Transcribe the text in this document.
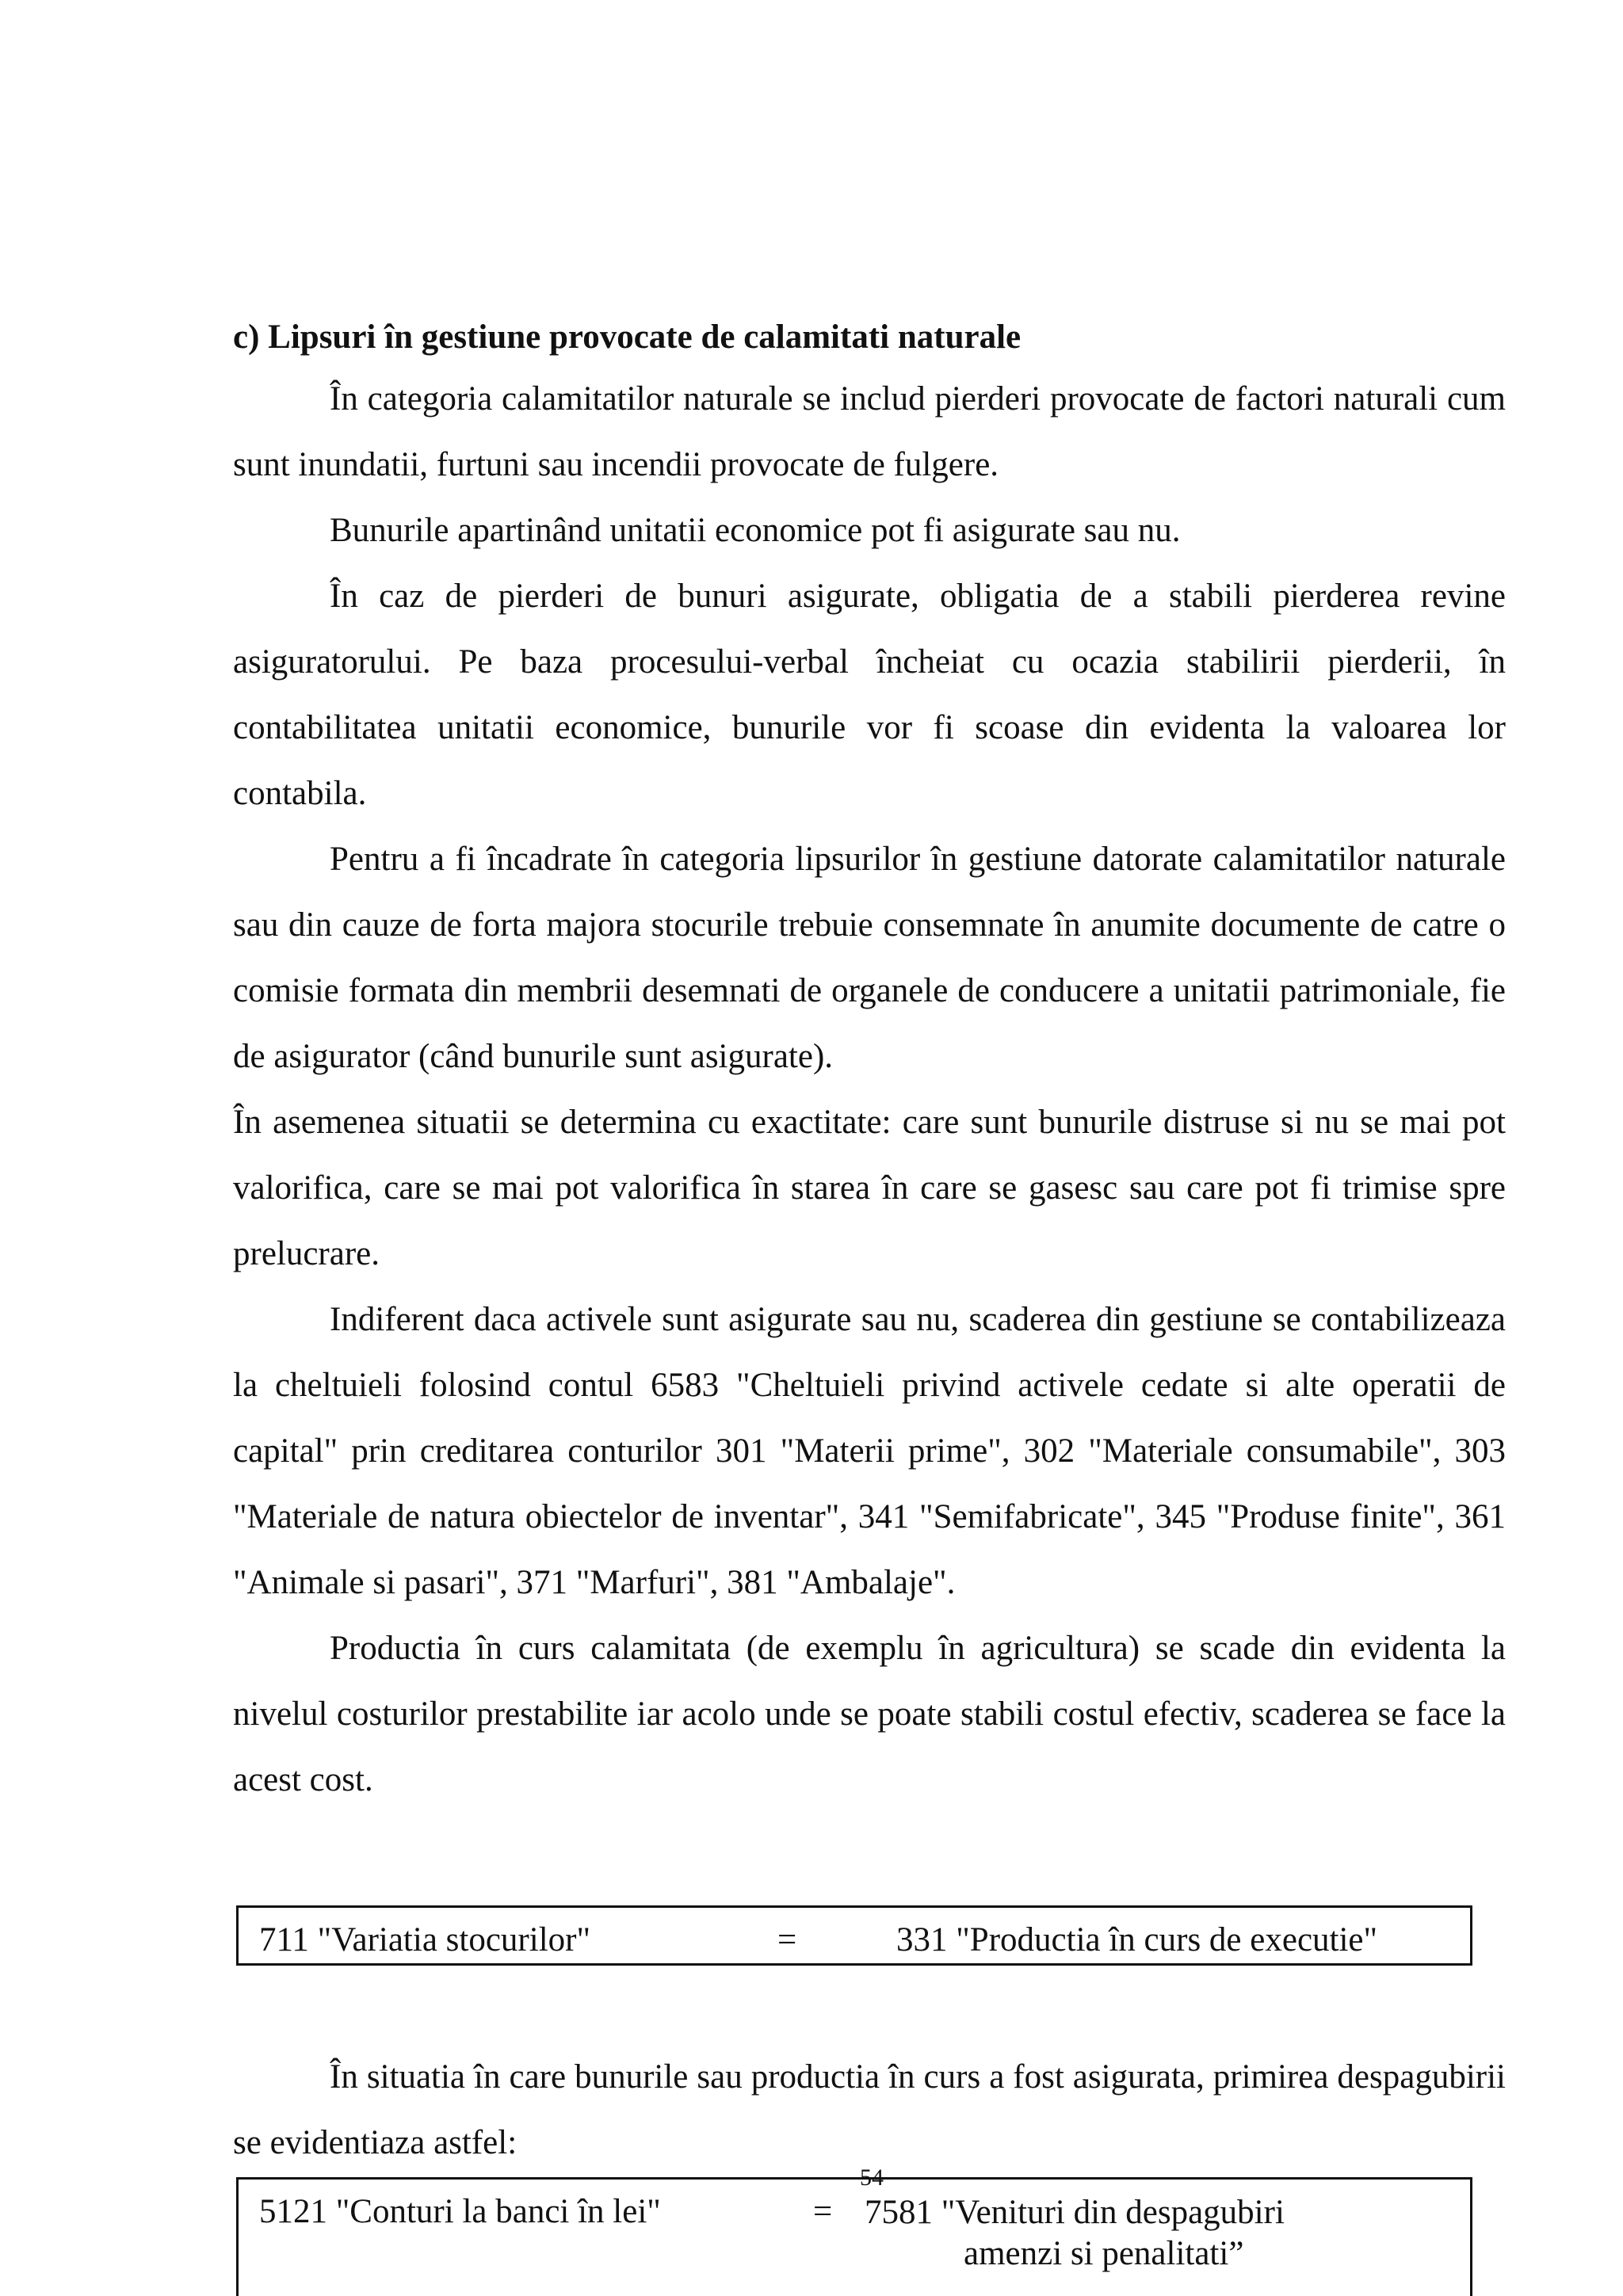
c) Lipsuri în gestiune provocate de calamitati naturale

În categoria calamitatilor naturale se includ pierderi provocate de factori naturali cum sunt inundatii, furtuni sau incendii provocate de fulgere.

Bunurile apartinând unitatii economice pot fi asigurate sau nu.

În caz de pierderi de bunuri asigurate, obligatia de a stabili pierderea revine asiguratorului. Pe baza procesului-verbal încheiat cu ocazia stabilirii pierderii, în contabilitatea unitatii economice, bunurile vor fi scoase din evidenta la valoarea lor contabila.

Pentru a fi încadrate în categoria lipsurilor în gestiune datorate calamitatilor naturale sau din cauze de forta majora stocurile trebuie consemnate în anumite documente de catre o comisie formata din membrii desemnati de organele de conducere a unitatii patrimoniale, fie de asigurator (când bunurile sunt asigurate).

În asemenea situatii se determina cu exactitate: care sunt bunurile distruse si nu se mai pot valorifica, care se mai pot valorifica în starea în care se gasesc sau care pot fi trimise spre prelucrare.

Indiferent daca activele sunt asigurate sau nu, scaderea din gestiune se contabilizeaza la cheltuieli folosind contul 6583 "Cheltuieli privind activele cedate si alte operatii de capital" prin creditarea conturilor 301 "Materii prime", 302 "Materiale consumabile", 303 "Materiale de natura obiectelor de inventar", 341 "Semifabricate", 345 "Produse finite", 361 "Animale si pasari", 371 "Marfuri", 381 "Ambalaje".

Productia în curs calamitata (de exemplu în agricultura) se scade din evidenta la nivelul costurilor prestabilite iar acolo unde se poate stabili costul efectiv, scaderea se face la acest cost.

711 "Variatia stocurilor"	=	331 "Productia în curs de executie"

În situatia în care bunurile sau productia în curs a fost asigurata, primirea despagubirii se evidentiaza astfel:

54
5121 "Conturi la banci în lei"	= 7581 "Venituri din despagubiri
amenzi si penalitati”
